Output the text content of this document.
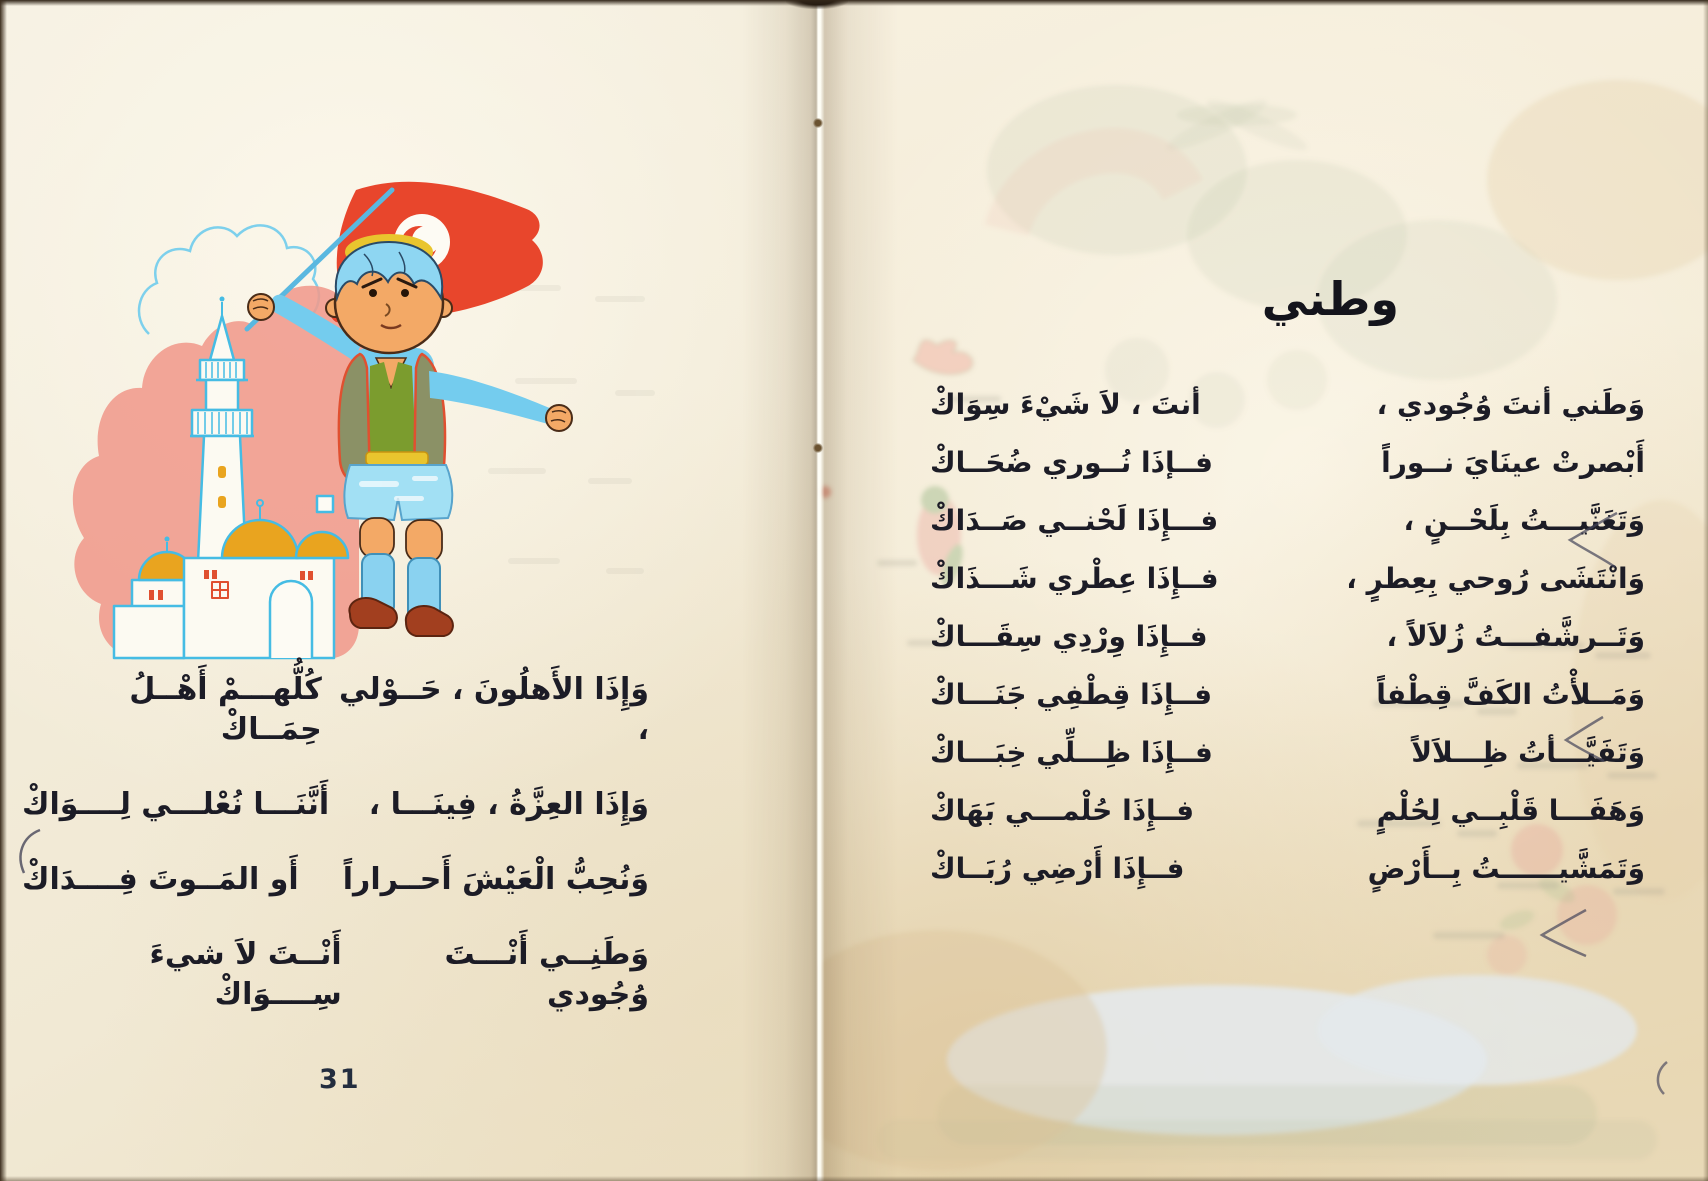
وَإِذَا الأَهلُونَ ، حَــوْلي ،
كُلُّهـــمْ أَهْــلُ حِمَــاكْ
وَإِذَا العِزَّةُ ، فِينَـــا ،
أَنَّنَـــا نُعْلـــي لِــــوَاكْ
وَنُحِبُّ الْعَيْشَ أَحــراراً
أَو المَــوتَ فِــــدَاكْ
وَطَنِــي أَنْـــتَ وُجُودي
أَنْــتَ لاَ شيءَ سِــــوَاكْ
31
وطني
وَطَني أنتَ وُجُودي ،
أنتَ ، لاَ شَيْءَ سِوَاكْ
أَبْصرتْ عينَايَ نــوراً
فــإذَا نُــوري ضُحَــاكْ
وَتَغَنَّيـــتُ بِلَحْــنٍ ،
فـــإِذَا لَحْنــي صَــدَاكْ
وَانْتَشَى رُوحي بِعِطرٍ ،
فــإِذَا عِطْري شَـــذَاكْ
وَتَــرشَّفـــتُ زُلاَلاً ،
فــإِذَا وِرْدِي سِقَـــاكْ
وَمَــلأْتُ الكَفَّ قِطْفاً
فــإِذَا قِطْفِي جَنَـــاكْ
وَتَفَيَّـــأتُ ظِـــلاَلاً
فــإِذَا ظِـــلِّي خِبَـــاكْ
وَهَفَـــا قَلْبِــي لِحُلْمٍ
فــإِذَا حُلْمـــي بَهَاكْ
وَتَمَشَّيــــــتُ بِــأَرْضٍ
فــإِذَا أَرْضِي رُبَــاكْ
